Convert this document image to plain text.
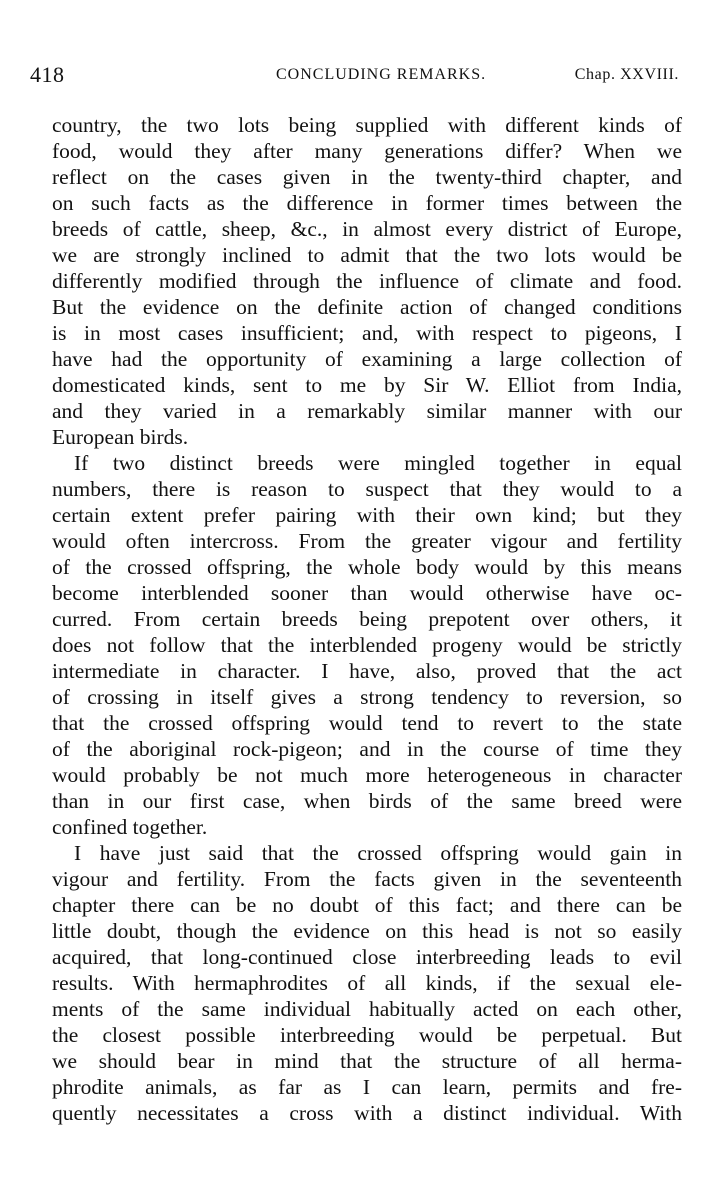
418	CONCLUDING REMARKS.	Chap. XXVIII.
country, the two lots being supplied with different kinds of
food, would they after many generations differ? When we
reflect on the cases given in the twenty-third chapter, and
on such facts as the difference in former times between the
breeds of cattle, sheep, &c., in almost every district of Europe,
we are strongly inclined to admit that the two lots would be
differently modified through the influence of climate and food.
But the evidence on the definite action of changed conditions
is in most cases insufficient; and, with respect to pigeons, I
have had the opportunity of examining a large collection of
domesticated kinds, sent to me by Sir W. Elliot from India,
and they varied in a remarkably similar manner with our
European birds.
If two distinct breeds were mingled together in equal
numbers, there is reason to suspect that they would to a
certain extent prefer pairing with their own kind; but they
would often intercross. From the greater vigour and fertility
of the crossed offspring, the whole body would by this means
become interblended sooner than would otherwise have oc-
curred. From certain breeds being prepotent over others, it
does not follow that the interblended progeny would be strictly
intermediate in character. I have, also, proved that the act
of crossing in itself gives a strong tendency to reversion, so
that the crossed offspring would tend to revert to the state
of the aboriginal rock-pigeon; and in the course of time they
would probably be not much more heterogeneous in character
than in our first case, when birds of the same breed were
confined together.
I have just said that the crossed offspring would gain in
vigour and fertility. From the facts given in the seventeenth
chapter there can be no doubt of this fact; and there can be
little doubt, though the evidence on this head is not so easily
acquired, that long-continued close interbreeding leads to evil
results. With hermaphrodites of all kinds, if the sexual ele-
ments of the same individual habitually acted on each other,
the closest possible interbreeding would be perpetual. But
we should bear in mind that the structure of all herma-
phrodite animals, as far as I can learn, permits and fre-
quently necessitates a cross with a distinct individual. With
